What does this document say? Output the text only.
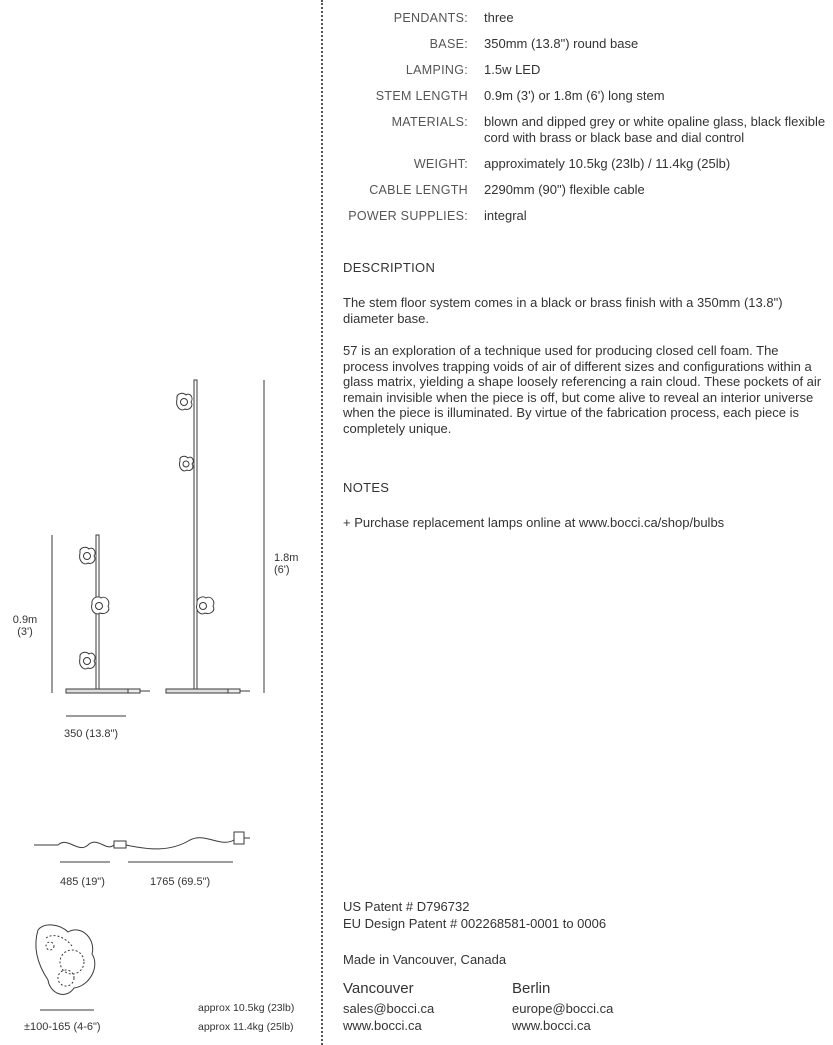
0.9m
(3')
1.8m
(6')
350 (13.8")
485 (19")	1765 (69.5")
±100-165 (4-6")
approx 10.5kg (23lb)
approx 11.4kg (25lb)
PENDANTS: three
BASE: 350mm (13.8") round base
LAMPING: 1.5w LED
STEM LENGTH 0.9m (3') or 1.8m (6') long stem
MATERIALS: blown and dipped grey or white opaline glass, black flexible cord with brass or black base and dial control
WEIGHT: approximately 10.5kg (23lb) / 11.4kg (25lb)
CABLE LENGTH 2290mm (90") flexible cable
POWER SUPPLIES: integral
DESCRIPTION
The stem floor system comes in a black or brass finish with a 350mm (13.8") diameter base.
57 is an exploration of a technique used for producing closed cell foam. The process involves trapping voids of air of different sizes and configurations within a glass matrix, yielding a shape loosely referencing a rain cloud. These pockets of air remain invisible when the piece is off, but come alive to reveal an interior universe when the piece is illuminated. By virtue of the fabrication process, each piece is completely unique.
NOTES
+ Purchase replacement lamps online at www.bocci.ca/shop/bulbs
US Patent # D796732
EU Design Patent # 002268581-0001 to 0006
Made in Vancouver, Canada
Vancouver
sales@bocci.ca
www.bocci.ca
Berlin
europe@bocci.ca
www.bocci.ca
